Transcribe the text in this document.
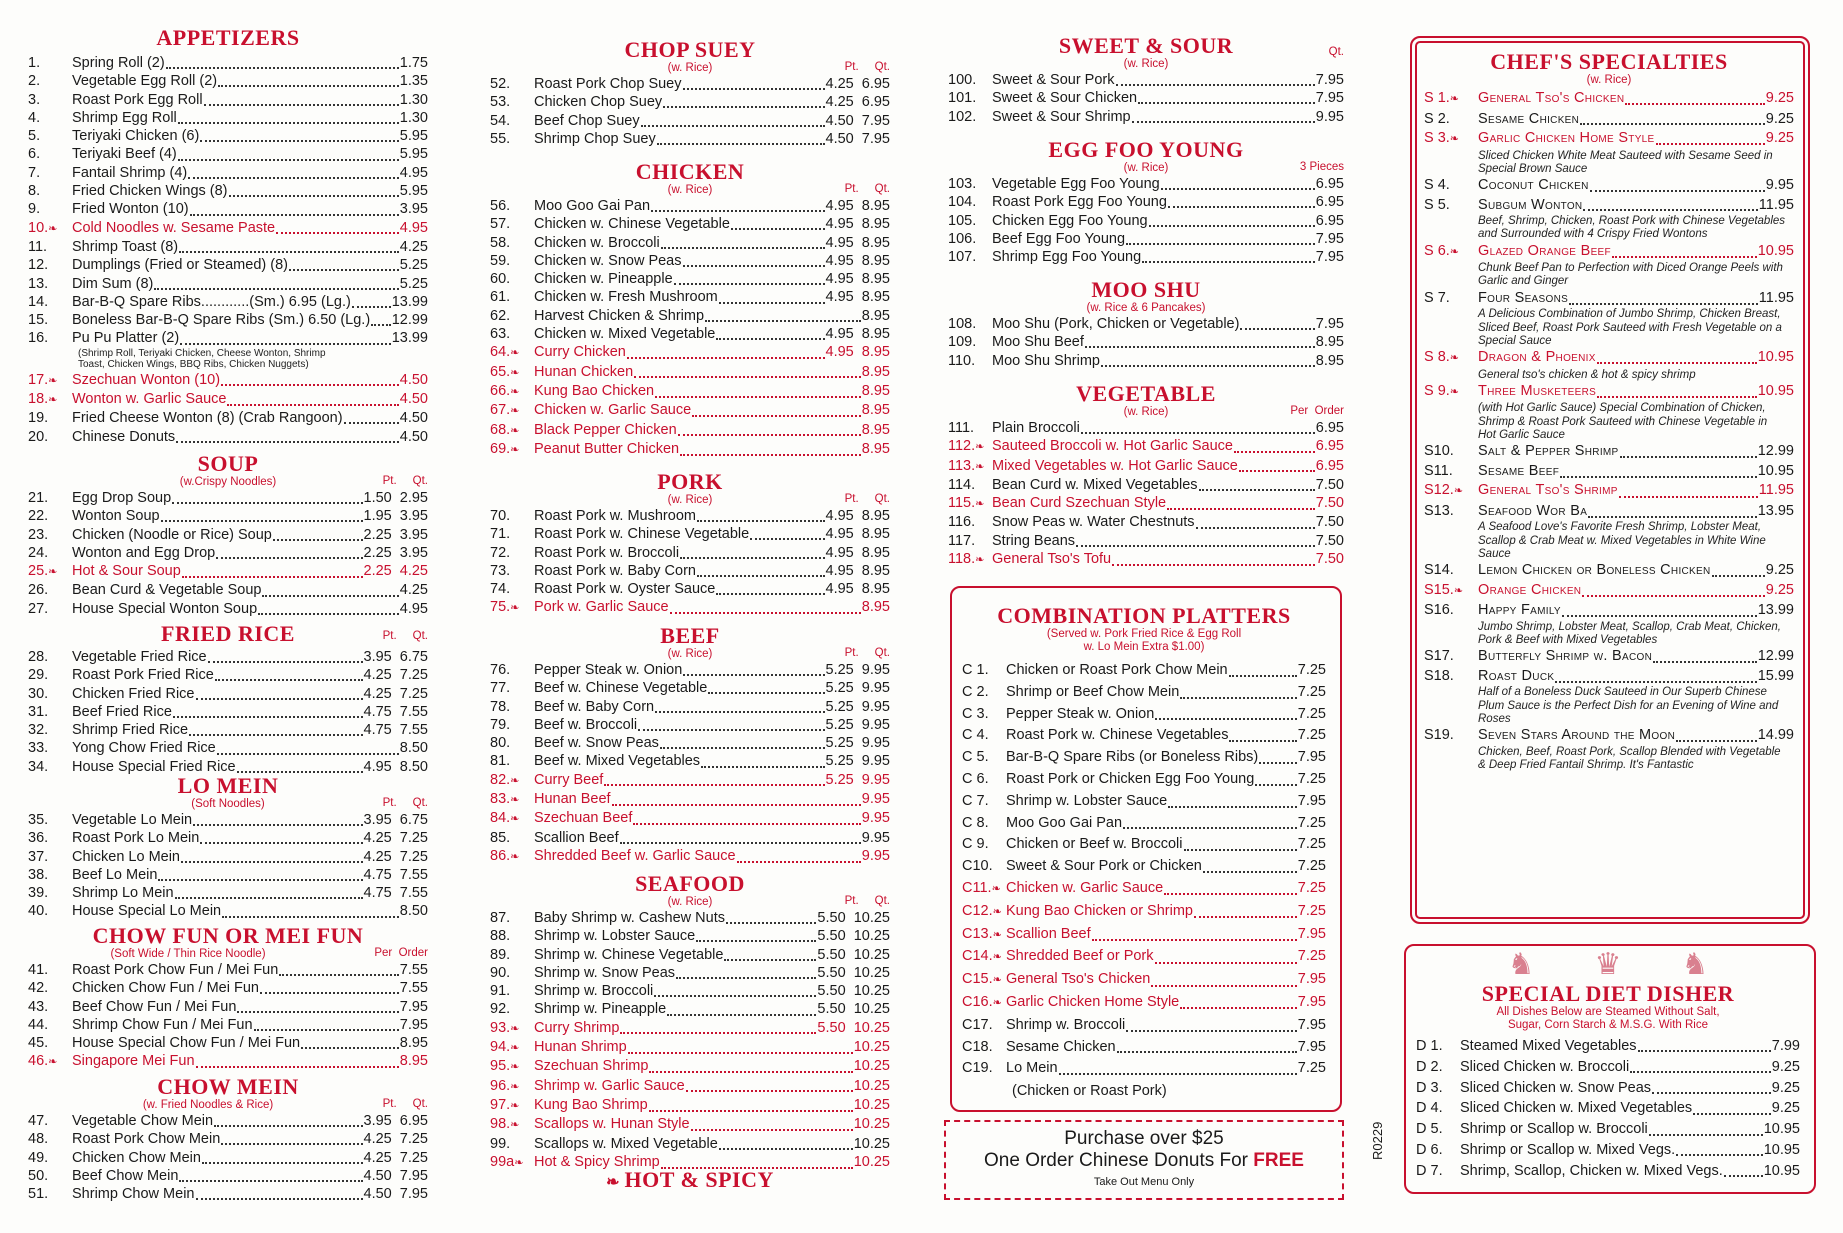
APPETIZERS
1.	Spring Roll (2)	1.75
2.	Vegetable Egg Roll (2)	1.35
3.	Roast Pork Egg Roll	1.30
4.	Shrimp Egg Roll	1.30
5.	Teriyaki Chicken (6)	5.95
6.	Teriyaki Beef (4)	5.95
7.	Fantail Shrimp (4)	4.95
8.	Fried Chicken Wings (8)	5.95
9.	Fried Wonton (10)	3.95
10.❧	Cold Noodles w. Sesame Paste	4.95
11.	Shrimp Toast (8)	4.25
12.	Dumplings (Fried or Steamed) (8)	5.25
13.	Dim Sum (8)	5.25
14.	Bar-B-Q Spare Ribs............(Sm.) 6.95 (Lg.)	13.99
15.	Boneless Bar-B-Q Spare Ribs (Sm.) 6.50 (Lg.) 12.99
16.	Pu Pu Platter (2)	13.99
(Shrimp Roll, Teriyaki Chicken, Cheese Wonton, Shrimp Toast, Chicken Wings, BBQ Ribs, Chicken Nuggets)
17.❧	Szechuan Wonton (10)	4.50
18.❧	Wonton w. Garlic Sauce	4.50
19.	Fried Cheese Wonton (8) (Crab Rangoon)	4.50
20.	Chinese Donuts	4.50
SOUP
(w.Crispy Noodles)	Pt.     Qt.
21.	Egg Drop Soup	1.50  2.95
22.	Wonton Soup	1.95  3.95
23.	Chicken (Noodle or Rice) Soup	2.25  3.95
24.	Wonton and Egg Drop	2.25  3.95
25.❧	Hot & Sour Soup	2.25  4.25
26.	Bean Curd & Vegetable Soup	4.25
27.	House Special Wonton Soup	4.95
FRIED RICE	Pt.     Qt.
28.	Vegetable Fried Rice	3.95  6.75
29.	Roast Pork Fried Rice	4.25  7.25
30.	Chicken Fried Rice	4.25  7.25
31.	Beef Fried Rice	4.75  7.55
32.	Shrimp Fried Rice	4.75  7.55
33.	Yong Chow Fried Rice	8.50
34.	House Special Fried Rice	4.95  8.50
LO MEIN
(Soft Noodles)	Pt.     Qt.
35.	Vegetable Lo Mein	3.95  6.75
36.	Roast Pork Lo Mein	4.25  7.25
37.	Chicken Lo Mein	4.25  7.25
38.	Beef Lo Mein	4.75  7.55
39.	Shrimp Lo Mein	4.75  7.55
40.	House Special Lo Mein	8.50
CHOW FUN OR MEI FUN
(Soft Wide / Thin Rice Noodle)	Per  Order
41.	Roast Pork Chow Fun / Mei Fun	7.55
42.	Chicken Chow Fun / Mei Fun	7.55
43.	Beef Chow Fun / Mei Fun	7.95
44.	Shrimp Chow Fun / Mei Fun	7.95
45.	House Special Chow Fun / Mei Fun	8.95
46.❧	Singapore Mei Fun	8.95
CHOW MEIN
(w. Fried Noodles & Rice)	Pt.     Qt.
47.	Vegetable Chow Mein	3.95  6.95
48.	Roast Pork Chow Mein	4.25  7.25
49.	Chicken Chow Mein	4.25  7.25
50.	Beef Chow Mein	4.50  7.95
51.	Shrimp Chow Mein	4.50  7.95
CHOP SUEY
(w. Rice)	Pt.     Qt.
52.	Roast Pork Chop Suey	4.25  6.95
53.	Chicken Chop Suey	4.25  6.95
54.	Beef Chop Suey	4.50  7.95
55.	Shrimp Chop Suey	4.50  7.95
CHICKEN
(w. Rice)	Pt.     Qt.
56.	Moo Goo Gai Pan	4.95  8.95
57.	Chicken w. Chinese Vegetable	4.95  8.95
58.	Chicken w. Broccoli	4.95  8.95
59.	Chicken w. Snow Peas	4.95  8.95
60.	Chicken w. Pineapple	4.95  8.95
61.	Chicken w. Fresh Mushroom	4.95  8.95
62.	Harvest Chicken & Shrimp	8.95
63.	Chicken w. Mixed Vegetable	4.95  8.95
64.❧	Curry Chicken	4.95  8.95
65.❧	Hunan Chicken	8.95
66.❧	Kung Bao Chicken	8.95
67.❧	Chicken w. Garlic Sauce	8.95
68.❧	Black Pepper Chicken	8.95
69.❧	Peanut Butter Chicken	8.95
PORK
(w. Rice)	Pt.     Qt.
70.	Roast Pork w. Mushroom	4.95  8.95
71.	Roast Pork w. Chinese Vegetable	4.95  8.95
72.	Roast Pork w. Broccoli	4.95  8.95
73.	Roast Pork w. Baby Corn	4.95  8.95
74.	Roast Pork w. Oyster Sauce	4.95  8.95
75.❧	Pork w. Garlic Sauce	8.95
BEEF
(w. Rice)	Pt.     Qt.
76.	Pepper Steak w. Onion	5.25  9.95
77.	Beef w. Chinese Vegetable	5.25  9.95
78.	Beef w. Baby Corn	5.25  9.95
79.	Beef w. Broccoli	5.25  9.95
80.	Beef w. Snow Peas	5.25  9.95
81.	Beef w. Mixed Vegetables	5.25  9.95
82.❧	Curry Beef	5.25  9.95
83.❧	Hunan Beef	9.95
84.❧	Szechuan Beef	9.95
85.	Scallion Beef	9.95
86.❧	Shredded Beef w. Garlic Sauce	9.95
SEAFOOD
(w. Rice)	Pt.     Qt.
87.	Baby Shrimp w. Cashew Nuts	5.50  10.25
88.	Shrimp w. Lobster Sauce	5.50  10.25
89.	Shrimp w. Chinese Vegetable	5.50  10.25
90.	Shrimp w. Snow Peas	5.50  10.25
91.	Shrimp w. Broccoli	5.50  10.25
92.	Shrimp w. Pineapple	5.50  10.25
93.❧	Curry Shrimp	5.50  10.25
94.❧	Hunan Shrimp	10.25
95.❧	Szechuan Shrimp	10.25
96.❧	Shrimp w. Garlic Sauce	10.25
97.❧	Kung Bao Shrimp	10.25
98.❧	Scallops w. Hunan Style	10.25
99.	Scallops w. Mixed Vegetable	10.25
99a❧ Hot & Spicy Shrimp	10.25
❧ HOT & SPICY
SWEET & SOUR
(w. Rice)
Qt.
100.	Sweet & Sour Pork	7.95
101.	Sweet & Sour Chicken	7.95
102.	Sweet & Sour Shrimp	9.95
EGG FOO YOUNG
(w. Rice)	3 Pieces
103.	Vegetable Egg Foo Young	6.95
104.	Roast Pork Egg Foo Young	6.95
105.	Chicken Egg Foo Young	6.95
106.	Beef Egg Foo Young	7.95
107.	Shrimp Egg Foo Young	7.95
MOO SHU
(w. Rice & 6 Pancakes)
108.	Moo Shu (Pork, Chicken or Vegetable)	7.95
109.	Moo Shu Beef	8.95
110.	Moo Shu Shrimp	8.95
VEGETABLE
(w. Rice)	Per  Order
111.	Plain Broccoli	6.95
112.❧ Sauteed Broccoli w. Hot Garlic Sauce	6.95
113.❧ Mixed Vegetables w. Hot Garlic Sauce	6.95
114.	Bean Curd w. Mixed Vegetables	7.50
115.❧ Bean Curd Szechuan Style	7.50
116.	Snow Peas w. Water Chestnuts	7.50
117.	String Beans	7.50
118.❧ General Tso's Tofu	7.50
COMBINATION PLATTERS
(Served w. Pork Fried Rice & Egg Roll
w. Lo Mein Extra $1.00)
C 1.	Chicken or Roast Pork Chow Mein	7.25
C 2.	Shrimp or Beef Chow Mein	7.25
C 3.	Pepper Steak w. Onion	7.25
C 4.	Roast Pork w. Chinese Vegetables	7.25
C 5.	Bar-B-Q Spare Ribs (or Boneless Ribs)	7.95
C 6.	Roast Pork or Chicken Egg Foo Young	7.25
C 7.	Shrimp w. Lobster Sauce	7.95
C 8.	Moo Goo Gai Pan	7.25
C 9.	Chicken or Beef w. Broccoli	7.25
C10. Sweet & Sour Pork or Chicken	7.25
C11.❧ Chicken w. Garlic Sauce	7.25
C12.❧ Kung Bao Chicken or Shrimp	7.25
C13.❧ Scallion Beef	7.95
C14.❧ Shredded Beef or Pork	7.25
C15.❧ General Tso's Chicken	7.95
C16.❧ Garlic Chicken Home Style	7.95
C17. Shrimp w. Broccoli	7.95
C18. Sesame Chicken	7.95
C19. Lo Mein	7.25
(Chicken or Roast Pork)
Purchase over $25
One Order Chinese Donuts For FREE
Take Out Menu Only
R0229
CHEF'S SPECIALTIES
(w. Rice)
S 1.❧	General Tso's Chicken	9.25
S 2.	Sesame Chicken	9.25
S 3.❧	Garlic Chicken Home Style	9.25
Sliced Chicken White Meat Sauteed with Sesame Seed in Special Brown Sauce
S 4.	Coconut Chicken	9.95
S 5.	Subgum Wonton	11.95
Beef, Shrimp, Chicken, Roast Pork with Chinese Vegetables and Surrounded with 4 Crispy Fried Wontons
S 6.❧	Glazed Orange Beef	10.95
Chunk Beef Pan to Perfection with Diced Orange Peels with Garlic and Ginger
S 7.	Four Seasons	11.95
A Delicious Combination of Jumbo Shrimp, Chicken Breast, Sliced Beef, Roast Pork Sauteed with Fresh Vegetable on a Special Sauce
S 8.❧	Dragon & Phoenix	10.95
General tso's chicken & hot & spicy shrimp
S 9.❧	Three Musketeers	10.95
(with Hot Garlic Sauce) Special Combination of Chicken, Shrimp & Roast Pork Sauteed with Chinese Vegetable in Hot Garlic Sauce
S10.	Salt & Pepper Shrimp	12.99
S11.	Sesame Beef	10.95
S12.❧	General Tso's Shrimp	11.95
S13.	Seafood Wor Ba	13.95
A Seafood Love's Favorite Fresh Shrimp, Lobster Meat, Scallop & Crab Meat w. Mixed Vegetables in White Wine Sauce
S14.	Lemon Chicken or Boneless Chicken	9.25
S15.❧	Orange Chicken	9.25
S16.	Happy Family	13.99
Jumbo Shrimp, Lobster Meat, Scallop, Crab Meat, Chicken, Pork & Beef with Mixed Vegetables
S17.	Butterfly Shrimp w. Bacon	12.99
S18.	Roast Duck	15.99
Half of a Boneless Duck Sauteed in Our Superb Chinese Plum Sauce is the Perfect Dish for an Evening of Wine and Roses
S19.	Seven Stars Around the Moon	14.99
Chicken, Beef, Roast Pork, Scallop Blended with Vegetable & Deep Fried Fantail Shrimp. It's Fantastic
♞♛♞
SPECIAL DIET DISHER
All Dishes Below are Steamed Without Salt,
Sugar, Corn Starch & M.S.G. With Rice
D 1.	Steamed Mixed Vegetables	7.99
D 2.	Sliced Chicken w. Broccoli	9.25
D 3.	Sliced Chicken w. Snow Peas	9.25
D 4.	Sliced Chicken w. Mixed Vegetables	9.25
D 5.	Shrimp or Scallop w. Broccoli	10.95
D 6.	Shrimp or Scallop w. Mixed Vegs.	10.95
D 7.	Shrimp, Scallop, Chicken w. Mixed Vegs.	10.95
